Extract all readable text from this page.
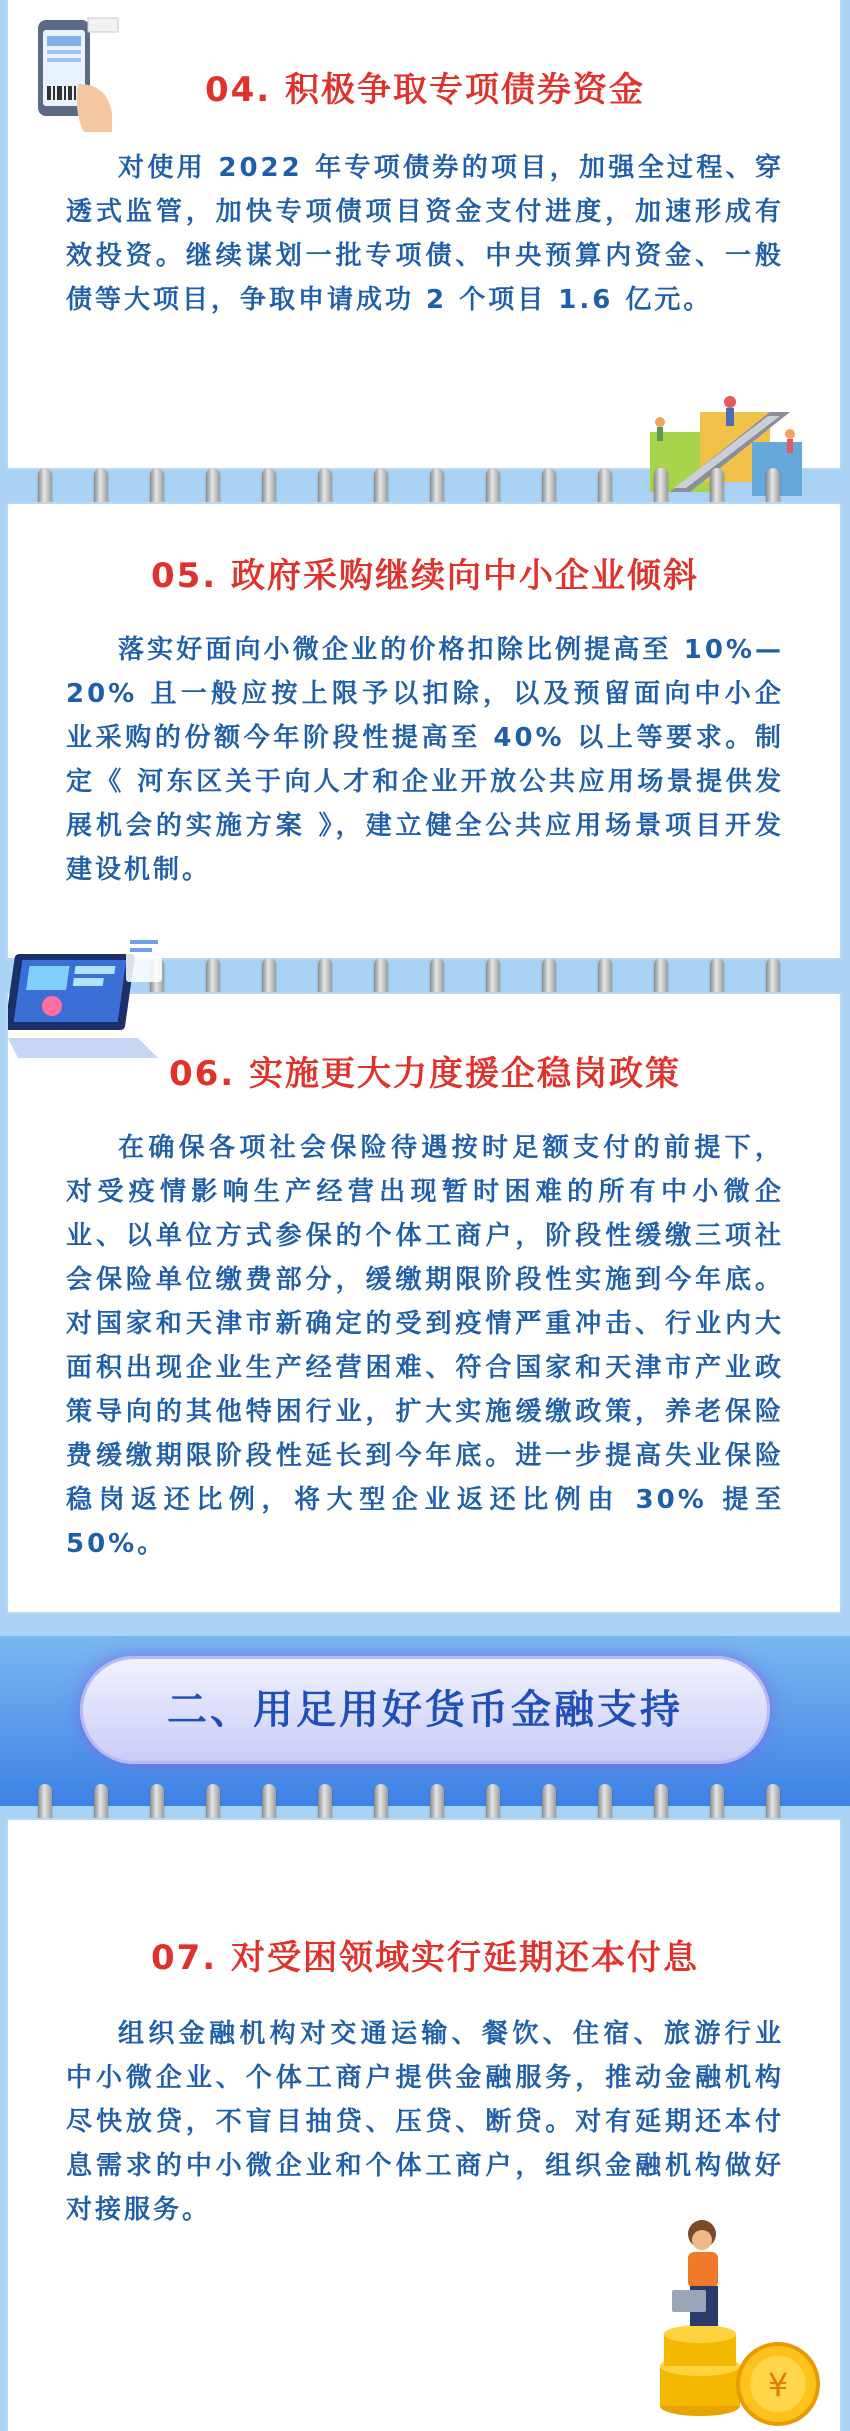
04. 积极争取专项债券资金
对使用 2022 年专项债券的项目，加强全过程、穿透式监管，加快专项债项目资金支付进度，加速形成有效投资。继续谋划一批专项债、中央预算内资金、一般债等大项目，争取申请成功 2 个项目 1.6 亿元。
05. 政府采购继续向中小企业倾斜
落实好面向小微企业的价格扣除比例提高至 10%—20% 且一般应按上限予以扣除，以及预留面向中小企业采购的份额今年阶段性提高至 40% 以上等要求。制定《 河东区关于向人才和企业开放公共应用场景提供发展机会的实施方案 》，建立健全公共应用场景项目开发建设机制。
06. 实施更大力度援企稳岗政策
在确保各项社会保险待遇按时足额支付的前提下，对受疫情影响生产经营出现暂时困难的所有中小微企业、以单位方式参保的个体工商户，阶段性缓缴三项社会保险单位缴费部分，缓缴期限阶段性实施到今年底。对国家和天津市新确定的受到疫情严重冲击、行业内大面积出现企业生产经营困难、符合国家和天津市产业政策导向的其他特困行业，扩大实施缓缴政策，养老保险费缓缴期限阶段性延长到今年底。进一步提高失业保险稳岗返还比例，将大型企业返还比例由 30% 提至 50%。
二、用足用好货币金融支持
07. 对受困领域实行延期还本付息
组织金融机构对交通运输、餐饮、住宿、旅游行业中小微企业、个体工商户提供金融服务，推动金融机构尽快放贷，不盲目抽贷、压贷、断贷。对有延期还本付息需求的中小微企业和个体工商户，组织金融机构做好对接服务。
¥
